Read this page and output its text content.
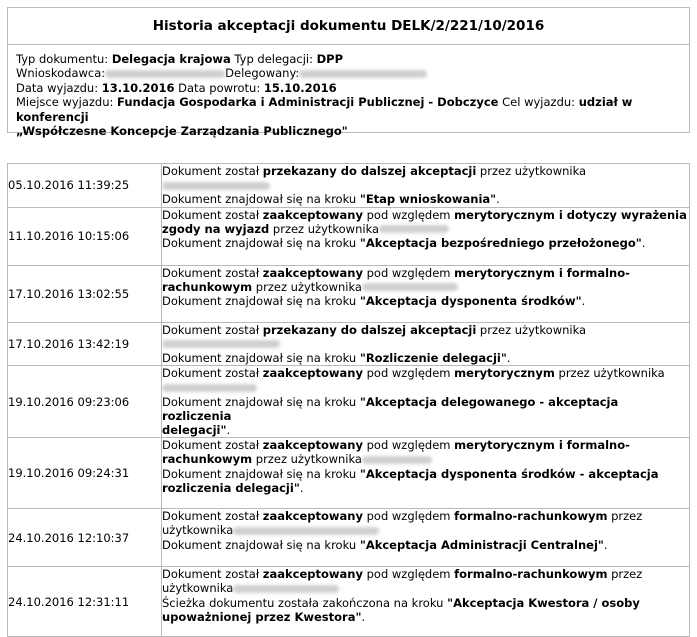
Historia akceptacji dokumentu DELK/2/221/10/2016
Typ dokumentu: Delegacja krajowa Typ delegacji: DPP
Wnioskodawca:	Delegowany:
Data wyjazdu: 13.10.2016 Data powrotu: 15.10.2016
Miejsce wyjazdu: Fundacja Gospodarka i Administracji Publicznej - Dobczyce Cel wyjazdu: udział w konferencji
„Współczesne Koncepcje Zarządzania Publicznego"
05.10.2016 11:39:25	Dokument został przekazany do dalszej akceptacji przez użytkownika
Dokument znajdował się na kroku "Etap wnioskowania".

11.10.2016 10:15:06	Dokument został zaakceptowany pod względem merytorycznym i dotyczy wyrażenia
zgody na wyjazd przez użytkownika
Dokument znajdował się na kroku "Akceptacja bezpośredniego przełożonego".

17.10.2016 13:02:55	Dokument został zaakceptowany pod względem merytorycznym i formalno-
rachunkowym przez użytkownika
Dokument znajdował się na kroku "Akceptacja dysponenta środków".

17.10.2016 13:42:19	Dokument został przekazany do dalszej akceptacji przez użytkownika
Dokument znajdował się na kroku "Rozliczenie delegacji".

19.10.2016 09:23:06	Dokument został zaakceptowany pod względem merytorycznym przez użytkownika
Dokument znajdował się na kroku "Akceptacja delegowanego - akceptacja rozliczenia
delegacji".

19.10.2016 09:24:31	Dokument został zaakceptowany pod względem merytorycznym i formalno-
rachunkowym przez użytkownika
Dokument znajdował się na kroku "Akceptacja dysponenta środków - akceptacja
rozliczenia delegacji".

24.10.2016 12:10:37	Dokument został zaakceptowany pod względem formalno-rachunkowym przez
użytkownika
Dokument znajdował się na kroku "Akceptacja Administracji Centralnej".

24.10.2016 12:31:11	Dokument został zaakceptowany pod względem formalno-rachunkowym przez
użytkownika
Ścieżka dokumentu została zakończona na kroku "Akceptacja Kwestora / osoby
upoważnionej przez Kwestora".
